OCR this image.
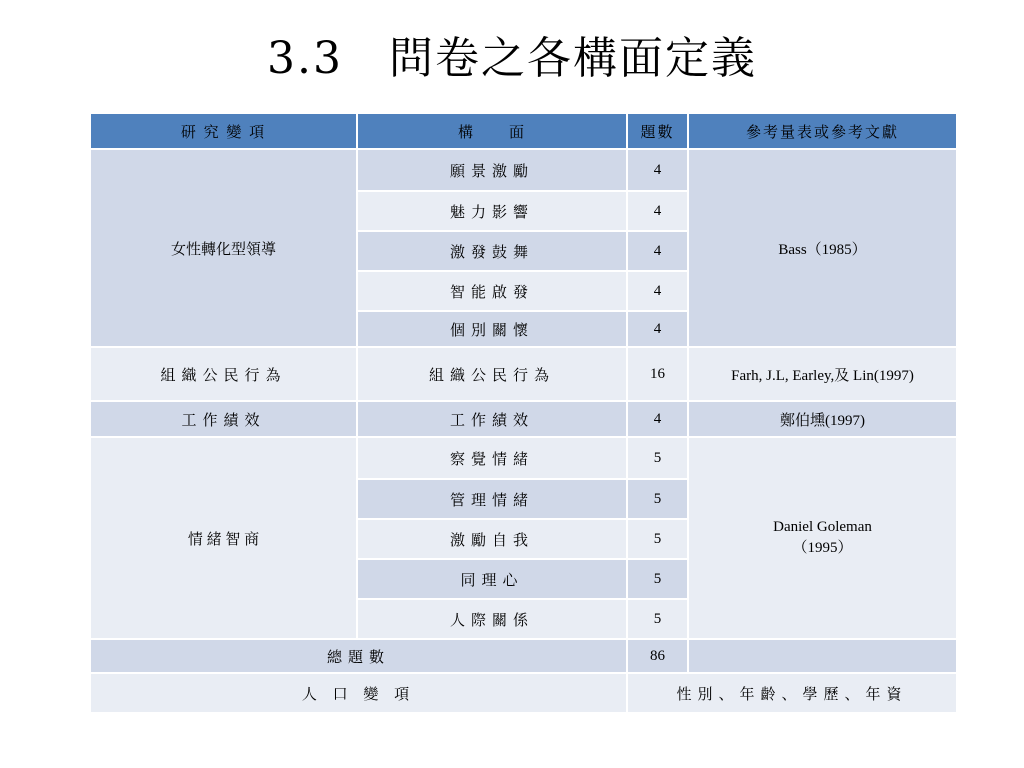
3.3　問卷之各構面定義
研 究 變 項	構　　面	題數	參考量表或參考文獻
女性轉化型領導	願景激勵	4	Bass（1985）
	魅力影響	4	
	激發鼓舞	4	
	智能啟發	4	
	個別關懷	4	
組織公民行為	組織公民行為	16	Farh, J.L, Earley,及 Lin(1997)
工作績效	工作績效	4	鄭伯壎(1997)
情 緒 智 商	察覺情緒	5	Daniel Goleman
（1995）

	管理情緒	5	
	激勵自我	5	
	同理心	5	
	人際關係	5	
總題數		86	
人 口 變 項		性別、年齡、學歷、年資	
